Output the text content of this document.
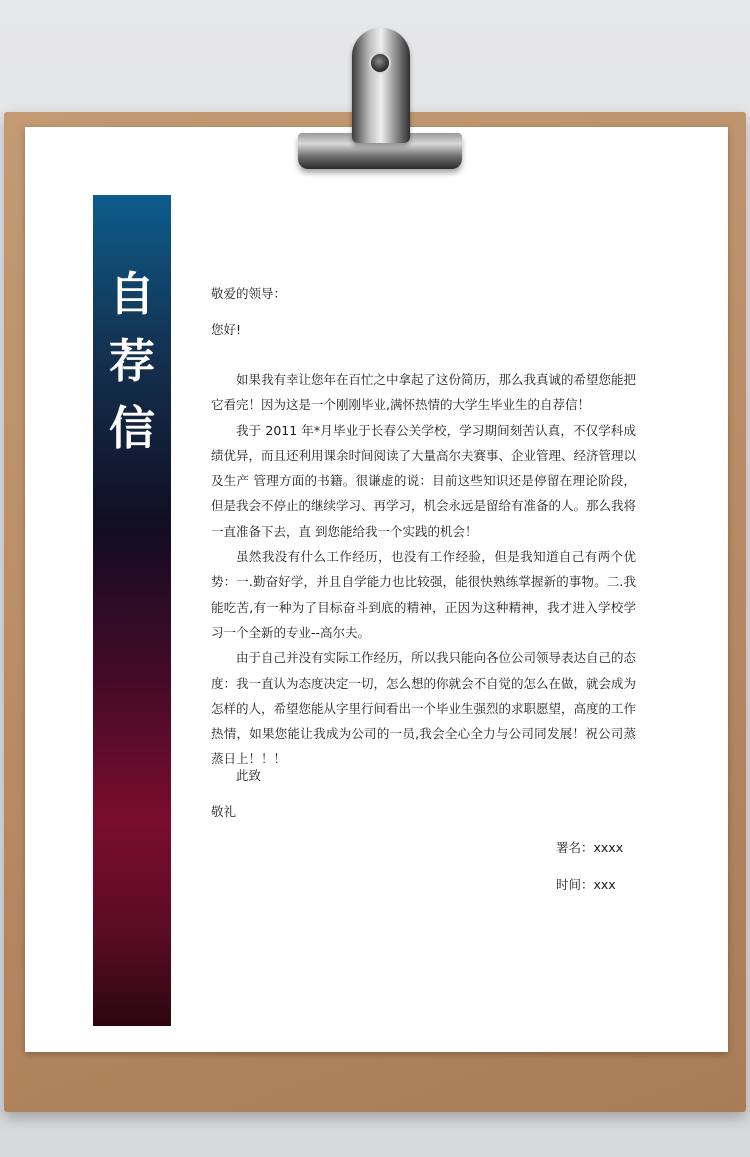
自荐信
敬爱的领导：
您好!

如果我有幸让您年在百忙之中拿起了这份简历，那么我真诚的希望您能把它看完！因为这是一个刚刚毕业,满怀热情的大学生毕业生的自荐信！

我于 2011 年*月毕业于长春公关学校，学习期间刻苦认真，不仅学科成绩优异，而且还利用课余时间阅读了大量高尔夫赛事、企业管理、经济管理以及生产 管理方面的书籍。很谦虚的说：目前这些知识还是停留在理论阶段，但是我会不停止的继续学习、再学习，机会永远是留给有准备的人。那么我将一直准备下去，直 到您能给我一个实践的机会！

虽然我没有什么工作经历，也没有工作经验，但是我知道自己有两个优势：一.勤奋好学，并且自学能力也比较强，能很快熟练掌握新的事物。二.我能吃苦,有一种为了目标奋斗到底的精神，正因为这种精神，我才进入学校学习一个全新的专业--高尔夫。

由于自己并没有实际工作经历，所以我只能向各位公司领导表达自己的态度：我一直认为态度决定一切，怎么想的你就会不自觉的怎么在做，就会成为怎样的人，希望您能从字里行间看出一个毕业生强烈的求职愿望，高度的工作热情，如果您能让我成为公司的一员,我会全心全力与公司同发展！祝公司蒸蒸日上！！！

此致
敬礼
署名：xxxx
时间：xxx
